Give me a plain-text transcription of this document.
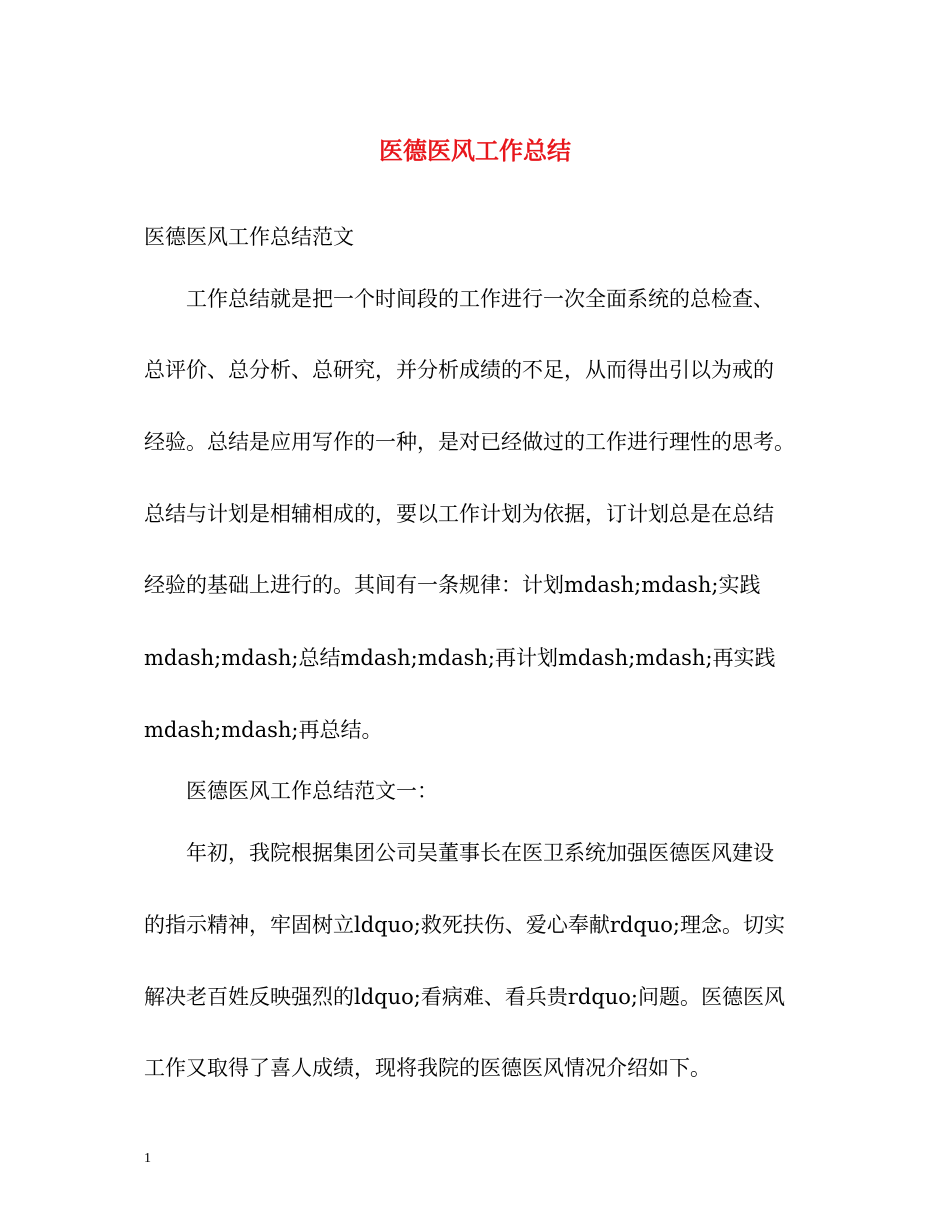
医德医风工作总结

医德医风工作总结范文

工作总结就是把一个时间段的工作进行一次全面系统的总检查、

总评价、总分析、总研究，并分析成绩的不足，从而得出引以为戒的

经验。总结是应用写作的一种，是对已经做过的工作进行理性的思考。

总结与计划是相辅相成的，要以工作计划为依据，订计划总是在总结

经验的基础上进行的。其间有一条规律：计划mdash;mdash;实践

mdash;mdash;总结mdash;mdash;再计划mdash;mdash;再实践

mdash;mdash;再总结。

医德医风工作总结范文一：

年初，我院根据集团公司吴董事长在医卫系统加强医德医风建设

的指示精神，牢固树立ldquo;救死扶伤、爱心奉献rdquo;理念。切实

解决老百姓反映强烈的ldquo;看病难、看兵贵rdquo;问题。医德医风

工作又取得了喜人成绩，现将我院的医德医风情况介绍如下。

1
